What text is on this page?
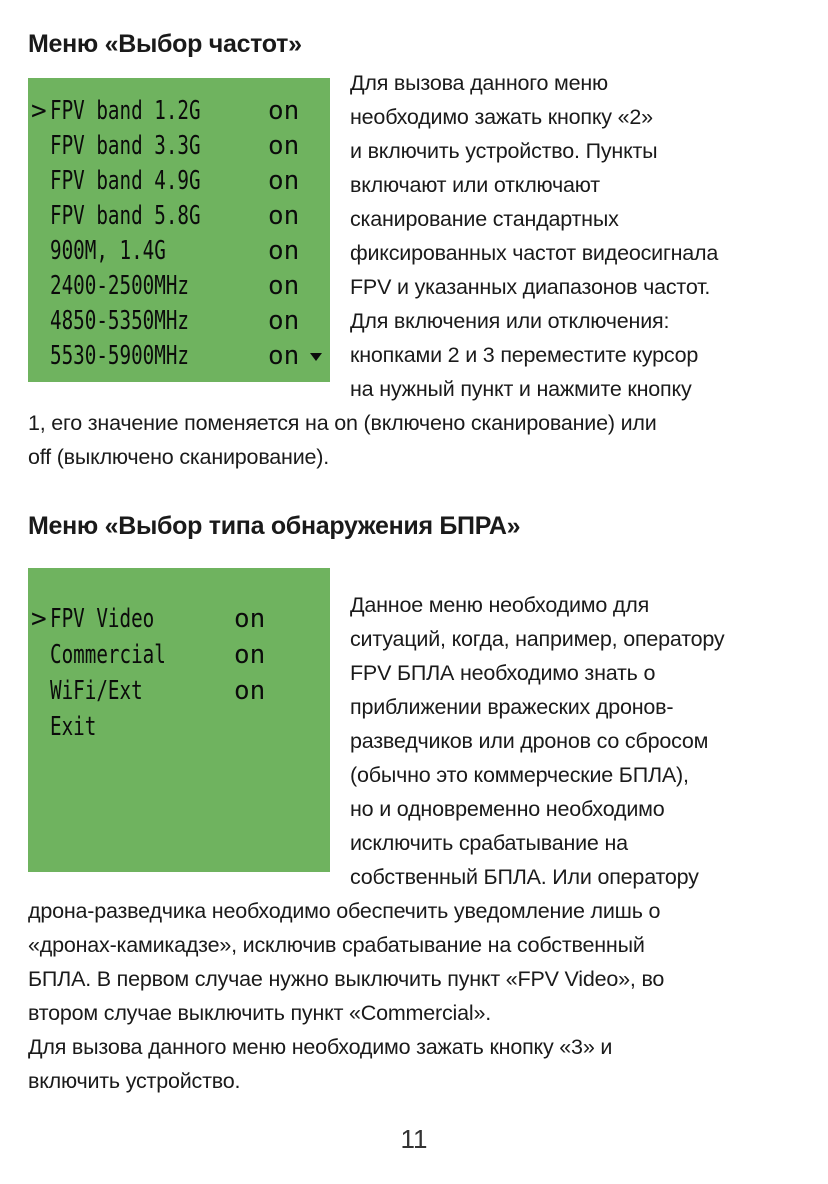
Меню «Выбор частот»
> FPV band 1.2G	on
FPV band 3.3G	on
FPV band 4.9G	on
FPV band 5.8G	on
900M, 1.4G	on
2400-2500MHz	on
4850-5350MHz	on
5530-5900MHz	on

Для вызова данного меню

необходимо зажать кнопку «2»

и включить устройство. Пункты

включают или отключают

сканирование стандартных

фиксированных частот видеосигнала

FPV и указанных диапазонов частот.

Для включения или отключения:

кнопками 2 и 3 переместите курсор

на нужный пункт и нажмите кнопку

1, его значение поменяется на on (включено сканирование) или

off (выключено сканирование).

Меню «Выбор типа обнаружения БПРА»
> FPV Video	on
Commercial	on
WiFi/Ext	on
Exit

Данное меню необходимо для

ситуаций, когда, например, оператору

FPV БПЛА необходимо знать о

приближении вражеских дронов-

разведчиков или дронов со сбросом

(обычно это коммерческие БПЛА),

но и одновременно необходимо

исключить срабатывание на

собственный БПЛА. Или оператору

дрона-разведчика необходимо обеспечить уведомление лишь о

«дронах-камикадзе», исключив срабатывание на собственный

БПЛА. В первом случае нужно выключить пункт «FPV Video», во

втором случае выключить пункт «Commercial».

Для вызова данного меню необходимо зажать кнопку «3» и

включить устройство.

11
